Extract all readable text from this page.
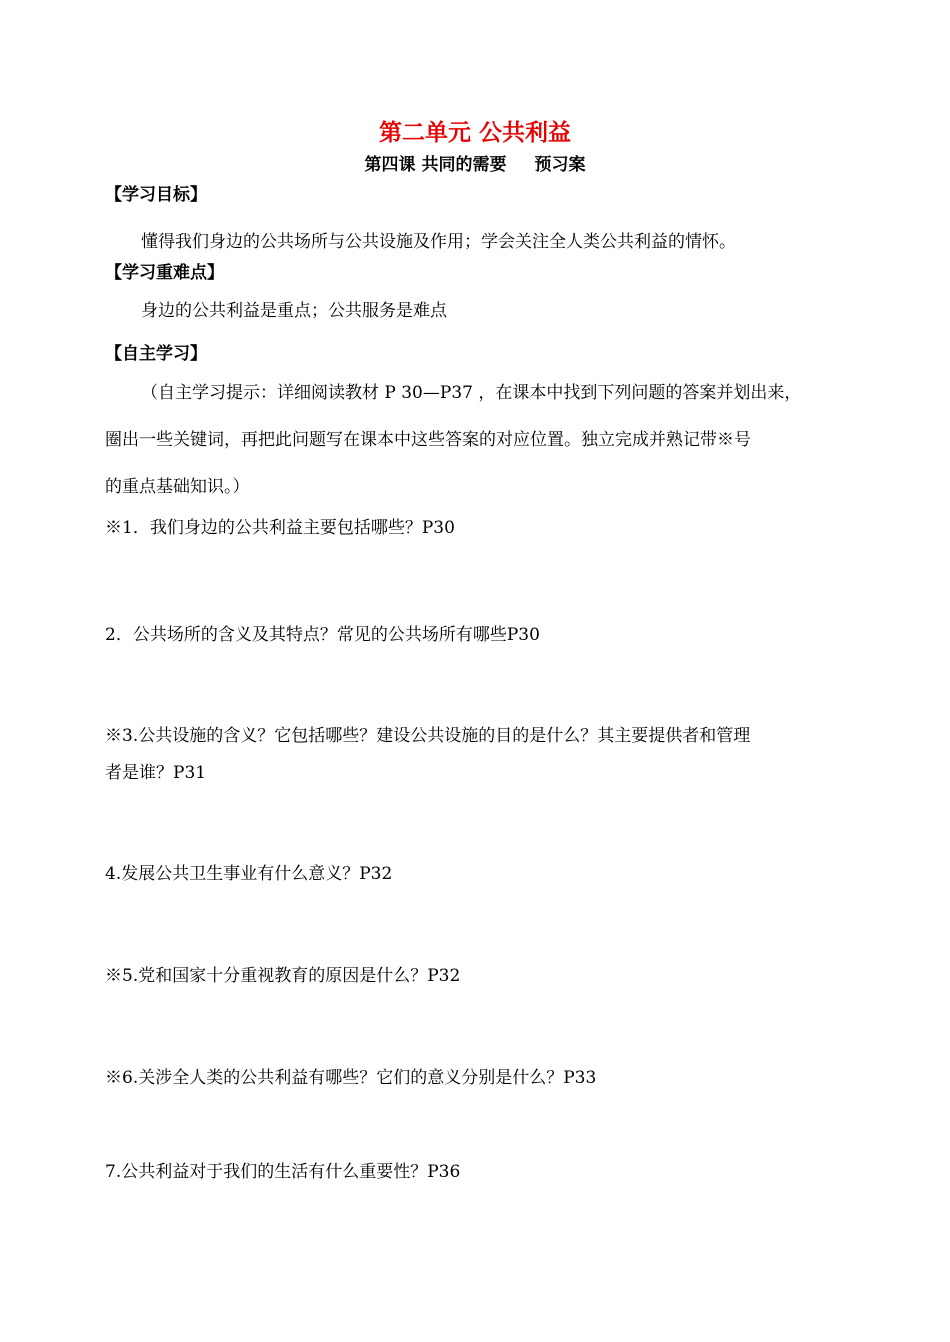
第二单元 公共利益
第四课 共同的需要 预习案
【学习目标】
懂得我们身边的公共场所与公共设施及作用；学会关注全人类公共利益的情怀。
【学习重难点】
身边的公共利益是重点；公共服务是难点
【自主学习】
（自主学习提示：详细阅读教材 P 30—P37 ，在课本中找到下列问题的答案并划出来，
圈出一些关键词，再把此问题写在课本中这些答案的对应位置。独立完成并熟记带※号
的重点基础知识。）
※1．我们身边的公共利益主要包括哪些？P30
2．公共场所的含义及其特点？常见的公共场所有哪些P30
※3.公共设施的含义？它包括哪些？建设公共设施的目的是什么？其主要提供者和管理
者是谁？P31
4.发展公共卫生事业有什么意义？P32
※5.党和国家十分重视教育的原因是什么？P32
※6.关涉全人类的公共利益有哪些？它们的意义分别是什么？P33
7.公共利益对于我们的生活有什么重要性？P36
